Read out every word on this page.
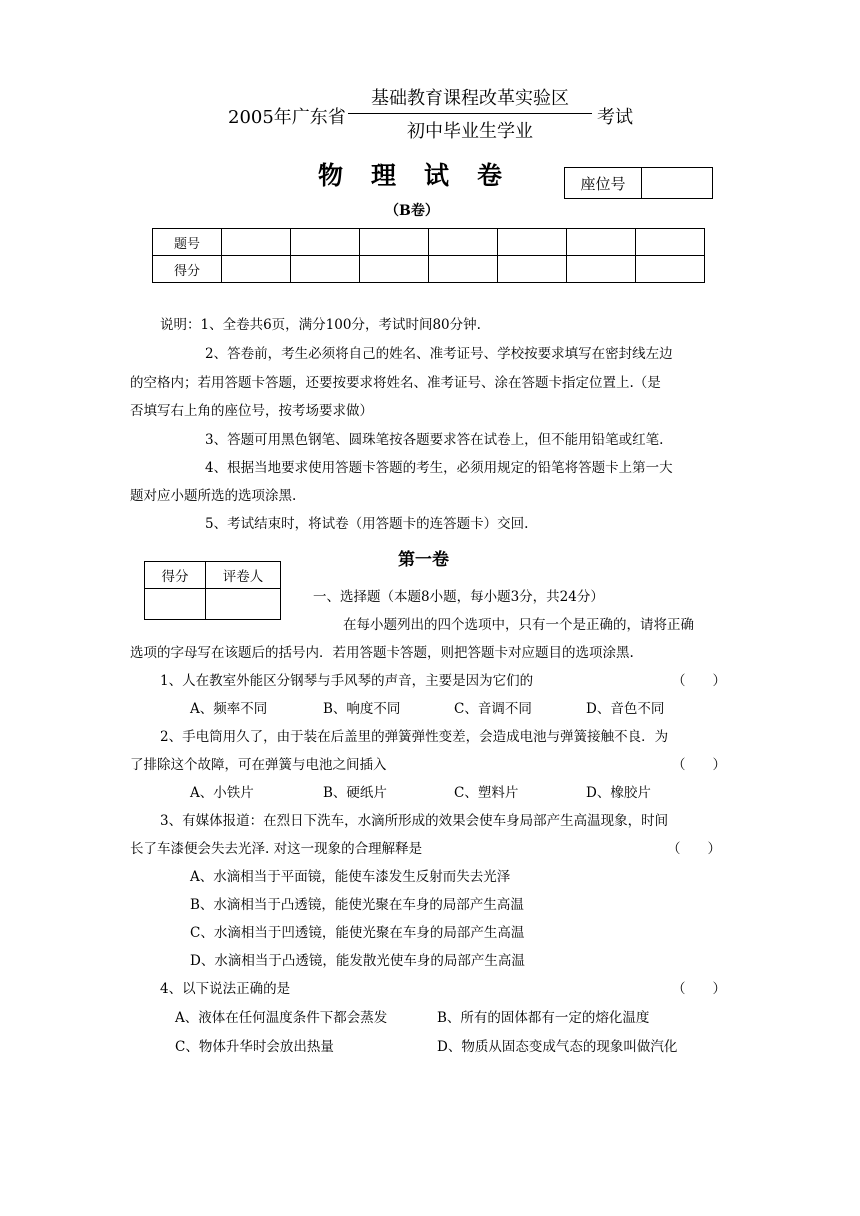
2005年广东省
基础教育课程改革实验区
初中毕业生学业
考试
物理试卷	座位号	
（B卷）
题号							
得分							
说明：1、全卷共6页，满分100分，考试时间80分钟.
2、答卷前，考生必须将自己的姓名、准考证号、学校按要求填写在密封线左边
的空格内；若用答题卡答题，还要按要求将姓名、准考证号、涂在答题卡指定位置上.（是
否填写右上角的座位号，按考场要求做）
3、答题可用黑色钢笔、圆珠笔按各题要求答在试卷上，但不能用铅笔或红笔.
4、根据当地要求使用答题卡答题的考生，必须用规定的铅笔将答题卡上第一大
题对应小题所选的选项涂黑.
5、考试结束时，将试卷（用答题卡的连答题卡）交回.
第一卷
得分	评卷人

一、选择题（本题8小题，每小题3分，共24分）
在每小题列出的四个选项中，只有一个是正确的，请将正确
选项的字母写在该题后的括号内．若用答题卡答题，则把答题卡对应题目的选项涂黑.
1、人在教室外能区分钢琴与手风琴的声音，主要是因为它们的	（　　）
A、频率不同	B、响度不同	C、音调不同	D、音色不同
2、手电筒用久了，由于装在后盖里的弹簧弹性变差，会造成电池与弹簧接触不良．为
了排除这个故障，可在弹簧与电池之间插入	（　　）
A、小铁片	B、硬纸片	C、塑料片	D、橡胶片
3、有媒体报道：在烈日下洗车，水滴所形成的效果会使车身局部产生高温现象，时间
长了车漆便会失去光泽. 对这一现象的合理解释是	（　　）
A、水滴相当于平面镜，能使车漆发生反射而失去光泽
B、水滴相当于凸透镜，能使光聚在车身的局部产生高温
C、水滴相当于凹透镜，能使光聚在车身的局部产生高温
D、水滴相当于凸透镜，能发散光使车身的局部产生高温
4、以下说法正确的是	（　　）
A、液体在任何温度条件下都会蒸发	B、所有的固体都有一定的熔化温度
C、物体升华时会放出热量	D、物质从固态变成气态的现象叫做汽化
